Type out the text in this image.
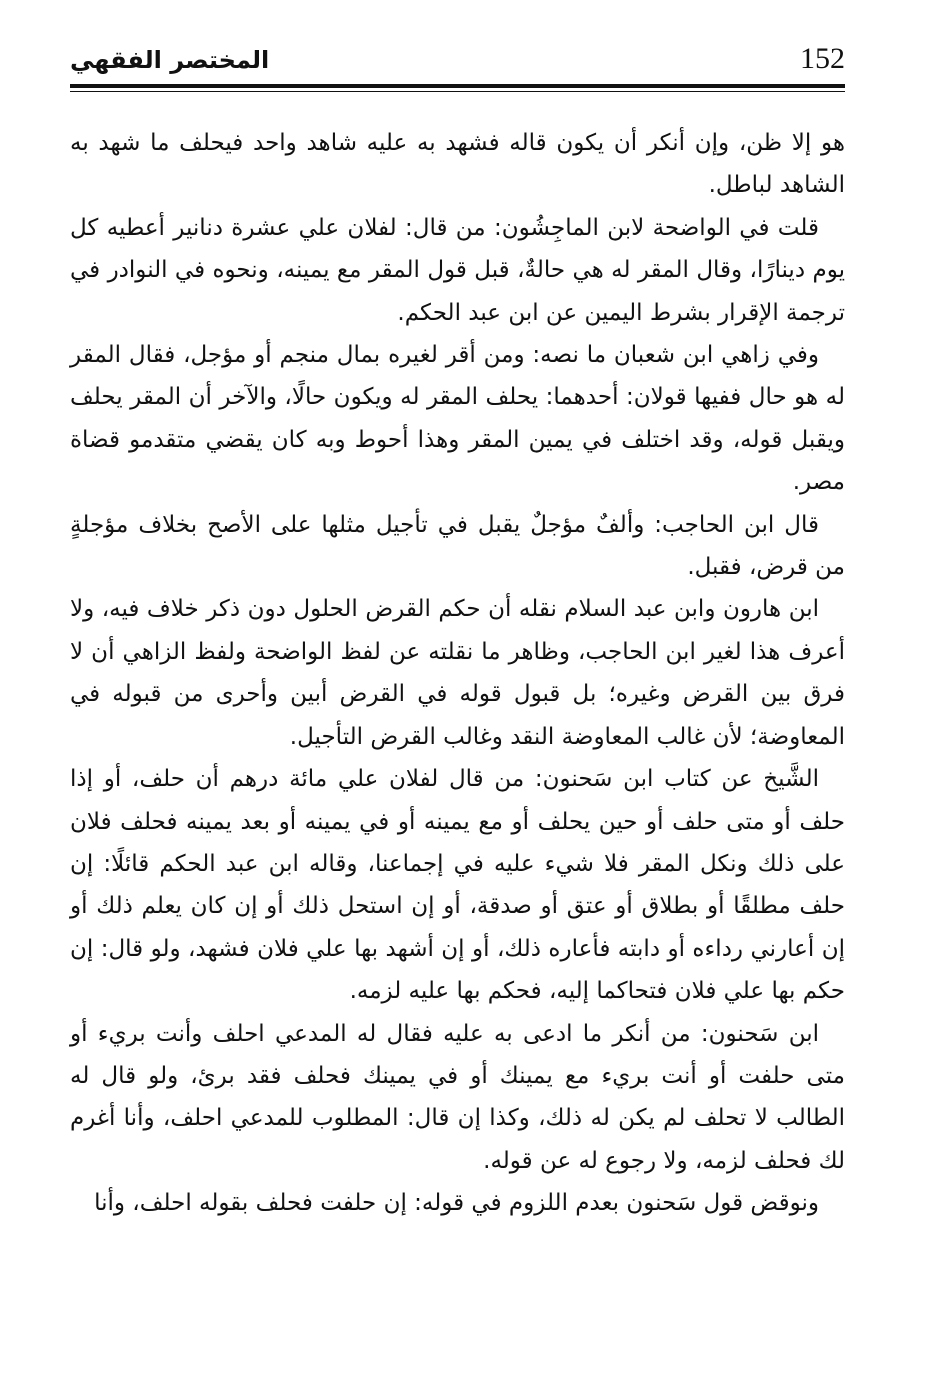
152
المختصر الفقهي

هو إلا ظن، وإن أنكر أن يكون قاله فشهد به عليه شاهد واحد فيحلف ما شهد به الشاهد لباطل.

قلت في الواضحة لابن الماجِشُون: من قال: لفلان علي عشرة دنانير أعطيه كل يوم دينارًا، وقال المقر له هي حالةٌ، قبل قول المقر مع يمينه، ونحوه في النوادر في ترجمة الإقرار بشرط اليمين عن ابن عبد الحكم.

وفي زاهي ابن شعبان ما نصه: ومن أقر لغيره بمال منجم أو مؤجل، فقال المقر له هو حال ففيها قولان: أحدهما: يحلف المقر له ويكون حالًا، والآخر أن المقر يحلف ويقبل قوله، وقد اختلف في يمين المقر وهذا أحوط وبه كان يقضي متقدمو قضاة مصر.

قال ابن الحاجب: وألفٌ مؤجلٌ يقبل في تأجيل مثلها على الأصح بخلاف مؤجلةٍ من قرض، فقبل.

ابن هارون وابن عبد السلام نقله أن حكم القرض الحلول دون ذكر خلاف فيه، ولا أعرف هذا لغير ابن الحاجب، وظاهر ما نقلته عن لفظ الواضحة ولفظ الزاهي أن لا فرق بين القرض وغيره؛ بل قبول قوله في القرض أبين وأحرى من قبوله في المعاوضة؛ لأن غالب المعاوضة النقد وغالب القرض التأجيل.

الشَّيخ عن كتاب ابن سَحنون: من قال لفلان علي مائة درهم أن حلف، أو إذا حلف أو متى حلف أو حين يحلف أو مع يمينه أو في يمينه أو بعد يمينه فحلف فلان على ذلك ونكل المقر فلا شيء عليه في إجماعنا، وقاله ابن عبد الحكم قائلًا: إن حلف مطلقًا أو بطلاق أو عتق أو صدقة، أو إن استحل ذلك أو إن كان يعلم ذلك أو إن أعارني رداءه أو دابته فأعاره ذلك، أو إن أشهد بها علي فلان فشهد، ولو قال: إن حكم بها علي فلان فتحاكما إليه، فحكم بها عليه لزمه.

ابن سَحنون: من أنكر ما ادعى به عليه فقال له المدعي احلف وأنت بريء أو متى حلفت أو أنت بريء مع يمينك أو في يمينك فحلف فقد برئ، ولو قال له الطالب لا تحلف لم يكن له ذلك، وكذا إن قال: المطلوب للمدعي احلف، وأنا أغرم لك فحلف لزمه، ولا رجوع له عن قوله.

ونوقض قول سَحنون بعدم اللزوم في قوله: إن حلفت فحلف بقوله احلف، وأنا
